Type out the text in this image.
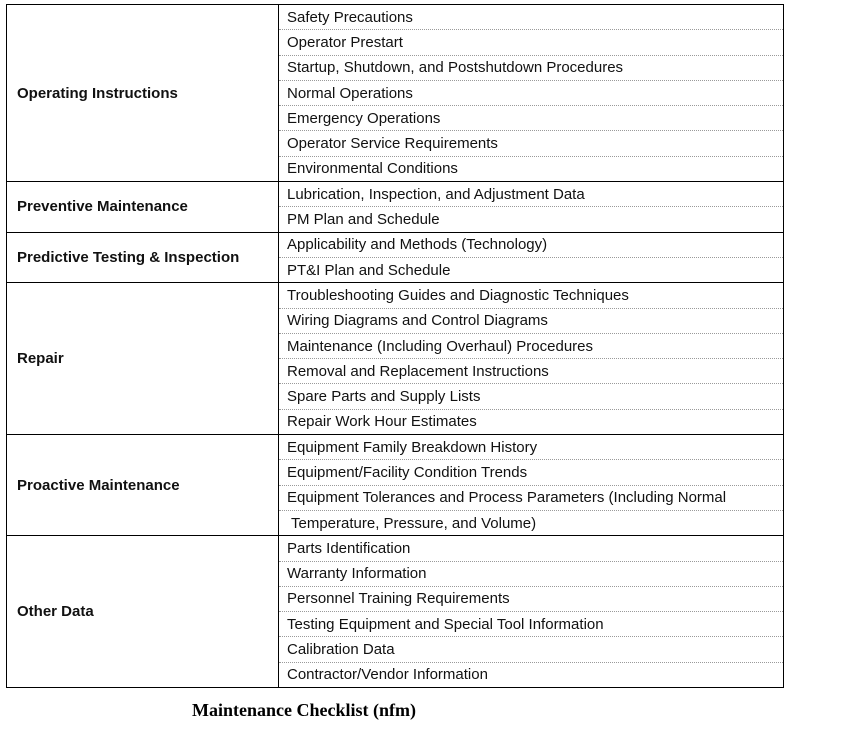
Operating Instructions	Safety Precautions
	Operator Prestart
	Startup, Shutdown, and Postshutdown Procedures
	Normal Operations
	Emergency Operations
	Operator Service Requirements
	Environmental Conditions
Preventive Maintenance	Lubrication, Inspection, and Adjustment Data
	PM Plan and Schedule
Predictive Testing & Inspection	Applicability and Methods (Technology)
	PT&I Plan and Schedule
Repair	Troubleshooting Guides and Diagnostic Techniques
	Wiring Diagrams and Control Diagrams
	Maintenance (Including Overhaul) Procedures
	Removal and Replacement Instructions
	Spare Parts and Supply Lists
	Repair Work Hour Estimates
Proactive Maintenance	Equipment Family Breakdown History
	Equipment/Facility Condition Trends
	Equipment Tolerances and Process Parameters (Including Normal
	Temperature, Pressure, and Volume)
Other Data	Parts Identification
	Warranty Information
	Personnel Training Requirements
	Testing Equipment and Special Tool Information
	Calibration Data
	Contractor/Vendor Information
Maintenance Checklist (nfm)
